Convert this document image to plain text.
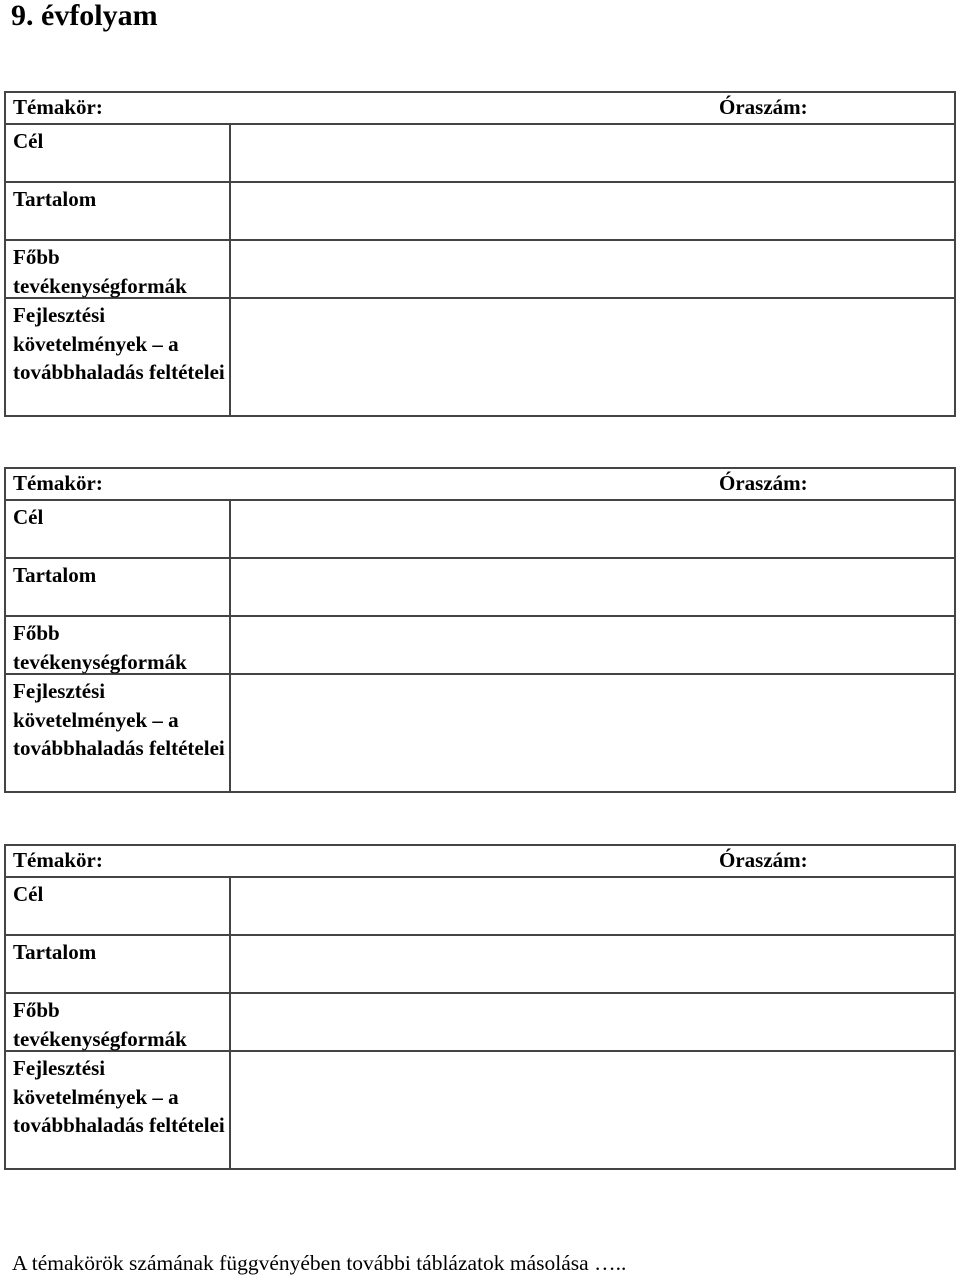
9. évfolyam
Témakör:	Óraszám:
Cél
Tartalom
Főbb tevékenységformák
Fejlesztési követelmények – a továbbhaladás feltételei
Témakör:	Óraszám:
Cél
Tartalom
Főbb tevékenységformák
Fejlesztési követelmények – a továbbhaladás feltételei
Témakör:	Óraszám:
Cél
Tartalom
Főbb tevékenységformák
Fejlesztési követelmények – a továbbhaladás feltételei
A témakörök számának függvényében további táblázatok másolása …..
